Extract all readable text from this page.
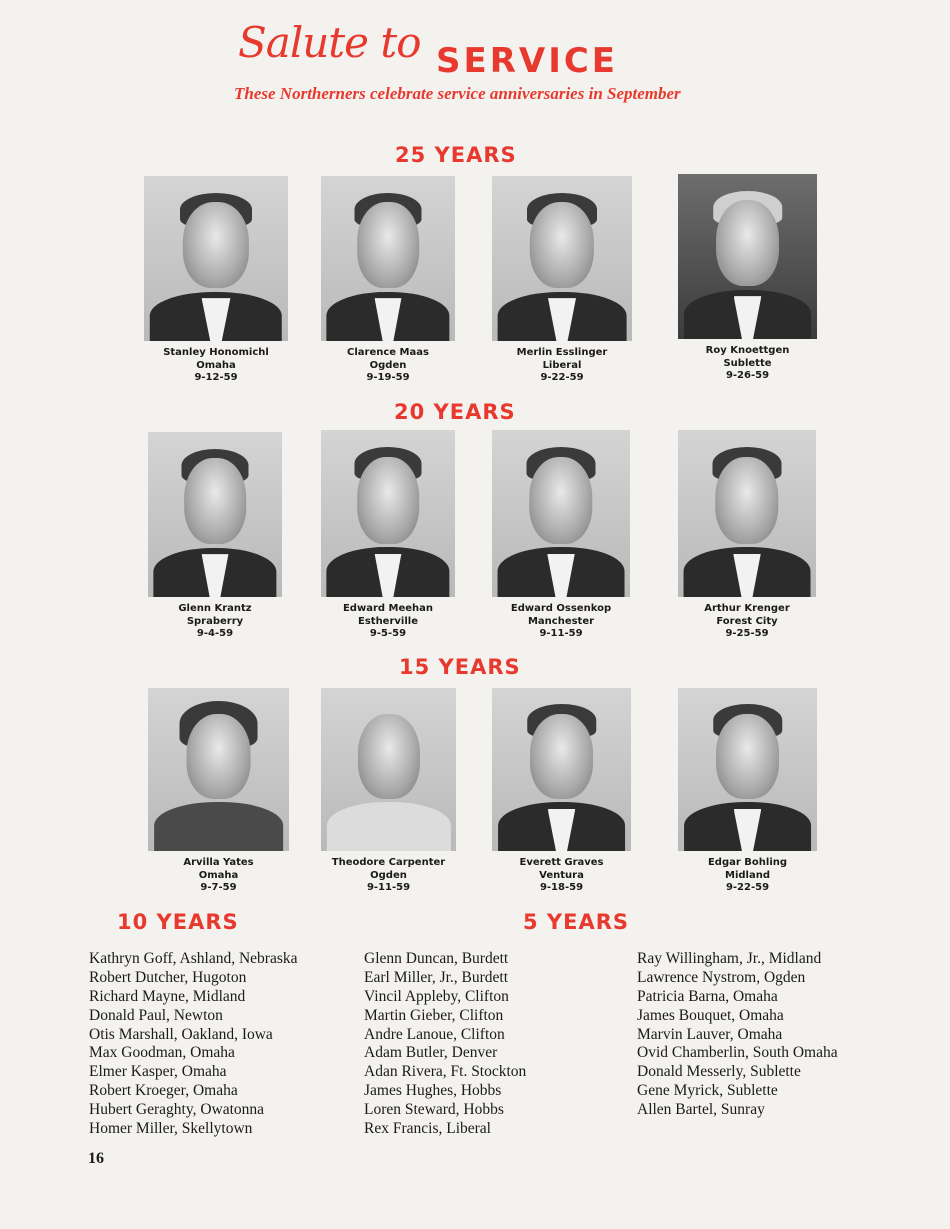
Salute to SERVICE
These Northerners celebrate service anniversaries in September
25 YEARS
Stanley Honomichl
Omaha
9-12-59
Clarence Maas
Ogden
9-19-59
Merlin Esslinger
Liberal
9-22-59
Roy Knoettgen
Sublette
9-26-59
20 YEARS
Glenn Krantz
Spraberry
9-4-59
Edward Meehan
Estherville
9-5-59
Edward Ossenkop
Manchester
9-11-59
Arthur Krenger
Forest City
9-25-59
15 YEARS
Arvilla Yates
Omaha
9-7-59
Theodore Carpenter
Ogden
9-11-59
Everett Graves
Ventura
9-18-59
Edgar Bohling
Midland
9-22-59
10 YEARS	5 YEARS
Kathryn Goff, Ashland, Nebraska
Robert Dutcher, Hugoton
Richard Mayne, Midland
Donald Paul, Newton
Otis Marshall, Oakland, Iowa
Max Goodman, Omaha
Elmer Kasper, Omaha
Robert Kroeger, Omaha
Hubert Geraghty, Owatonna
Homer Miller, Skellytown
Glenn Duncan, Burdett
Earl Miller, Jr., Burdett
Vincil Appleby, Clifton
Martin Gieber, Clifton
Andre Lanoue, Clifton
Adam Butler, Denver
Adan Rivera, Ft. Stockton
James Hughes, Hobbs
Loren Steward, Hobbs
Rex Francis, Liberal
Ray Willingham, Jr., Midland
Lawrence Nystrom, Ogden
Patricia Barna, Omaha
James Bouquet, Omaha
Marvin Lauver, Omaha
Ovid Chamberlin, South Omaha
Donald Messerly, Sublette
Gene Myrick, Sublette
Allen Bartel, Sunray
16
